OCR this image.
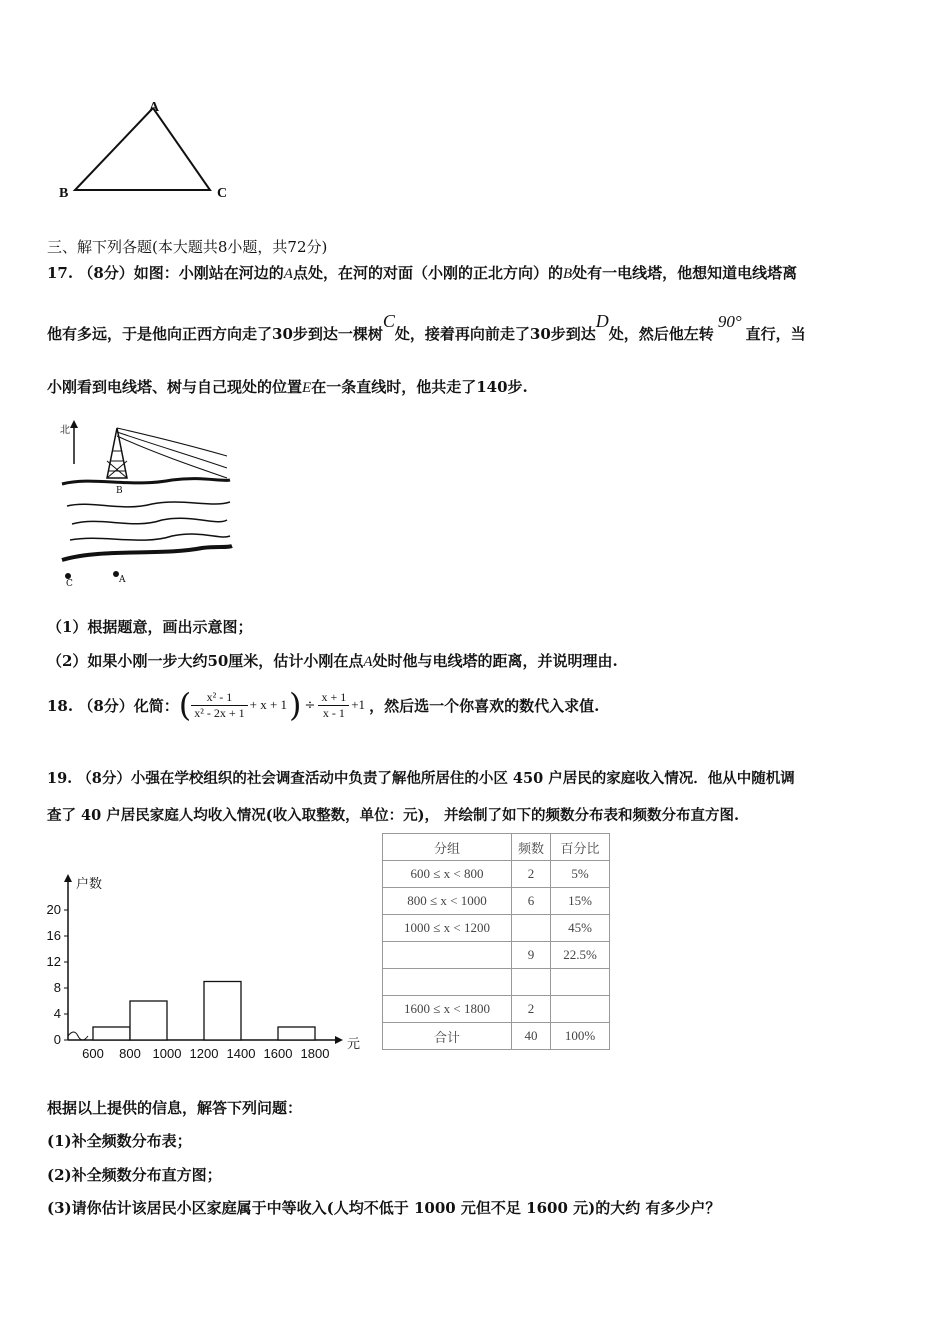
A
B	C
三、解下列各题(本大题共8小题，共72分)
17. （8分）如图：小刚站在河边的A点处，在河的对面（小刚的正北方向）的B处有一电线塔，他想知道电线塔离
他有多远，于是他向正西方向走了30步到达一棵树C处，接着再向前走了30步到达D处，然后他左转90°直行，当
小刚看到电线塔、树与自己现处的位置E在一条直线时，他共走了140步.
北
B
C	A
（1）根据题意，画出示意图；
（2）如果小刚一步大约50厘米，估计小刚在点A处时他与电线塔的距离，并说明理由.
18. （8分）化简： ( $\frac{\text{x² - 1}}{\text{x² - 2x + 1}} + x + 1$ ) ÷ $\frac{x + 1}{x - 1} +1$ ，然后选一个你喜欢的数代入求值.
19. （8分）小强在学校组织的社会调查活动中负责了解他所居住的小区 450 户居民的家庭收入情况．他从中随机调
查了 40 户居民家庭人均收入情况(收入取整数，单位：元)， 并绘制了如下的频数分布表和频数分布直方图.
0
4
8
12
16
20
600 800 1000 1200 1400 1600 1800
户数
元
分组	频数	百分比
600 ≤ x < 800	2	5%
800 ≤ x < 1000	6	15%
1000 ≤ x < 1200		45%
	9	22.5%

1600 ≤ x < 1800	2	
合计	40	100%
根据以上提供的信息，解答下列问题：
(1)补全频数分布表；
(2)补全频数分布直方图；
(3)请你估计该居民小区家庭属于中等收入(人均不低于 1000 元但不足 1600 元)的大约 有多少户？
